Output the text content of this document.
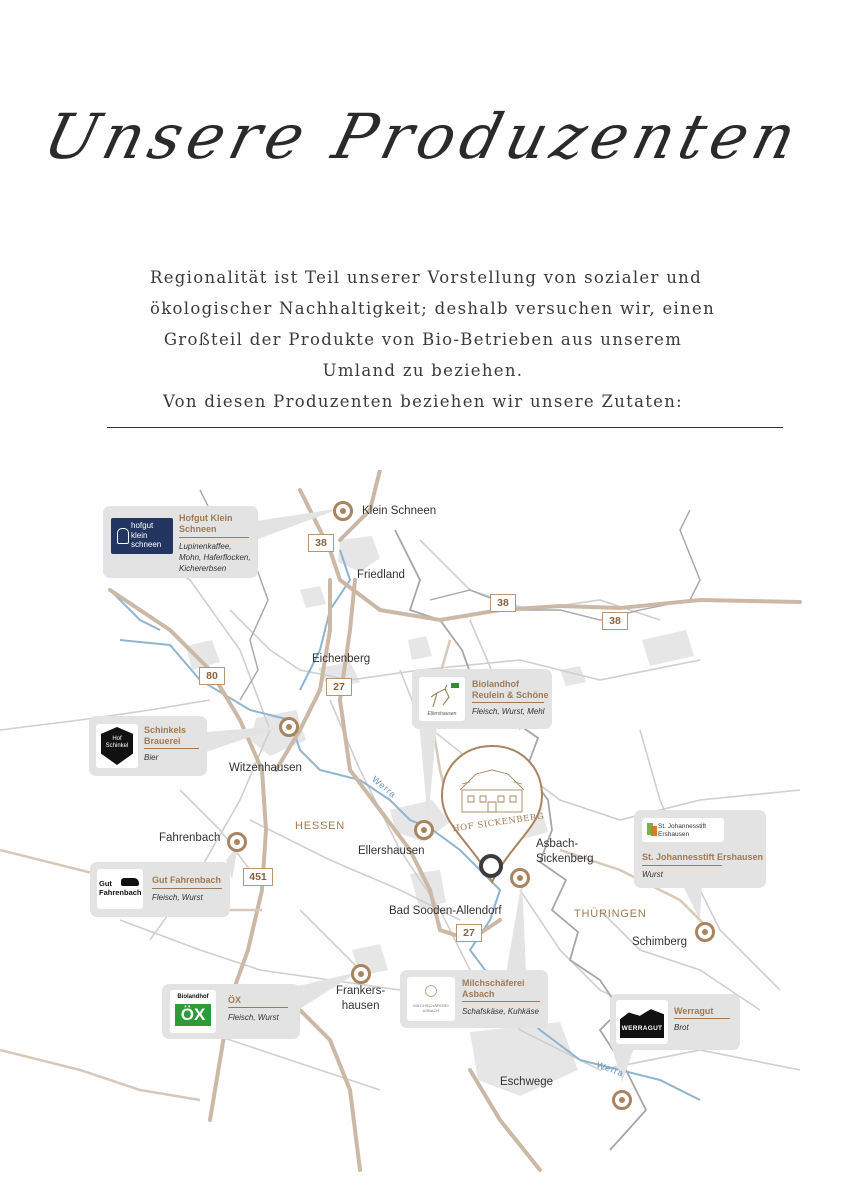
Unsere Produzenten
Regionalität ist Teil unserer Vorstellung von sozialer und
ökologischer Nachhaltigkeit; deshalb versuchen wir, einen
Großteil der Produkte von Bio-Betrieben aus unserem
Umland zu beziehen.
Von diesen Produzenten beziehen wir unsere Zutaten:
HOF SICKENBERG
HESSEN
THÜRINGEN
Werra
Werra
38
38
38
80
27
27
451
Klein Schneen
Friedland
Eichenberg
Witzenhausen
Fahrenbach
Ellershausen
Asbach-
Sickenberg
Bad Sooden-Allendorf
Schimberg
Frankers-
hausen
Eschwege
hofgut
klein
schneen
Hofgut Klein
Schneen
Lupinenkaffee,
Mohn, Haferflocken,
Kichererbsen
Hof
Schinkel
Schinkels
Brauerei
Bier
Gut
Fahrenbach
Gut Fahrenbach
Fleisch, Wurst
Ellershausen
Biolandhof
Reulein & Schöne
Fleisch, Wurst, Mehl
St. Johannesstift
Ershausen
St. Johannesstift Ershausen
Wurst
Biolandhof
ÖX
ÖX
Fleisch, Wurst
MILCHSCHÄFEREI
ASBACH
Milchschäferei
Asbach
Schafskäse, Kuhkäse
WERRAGUT
Werragut
Brot
